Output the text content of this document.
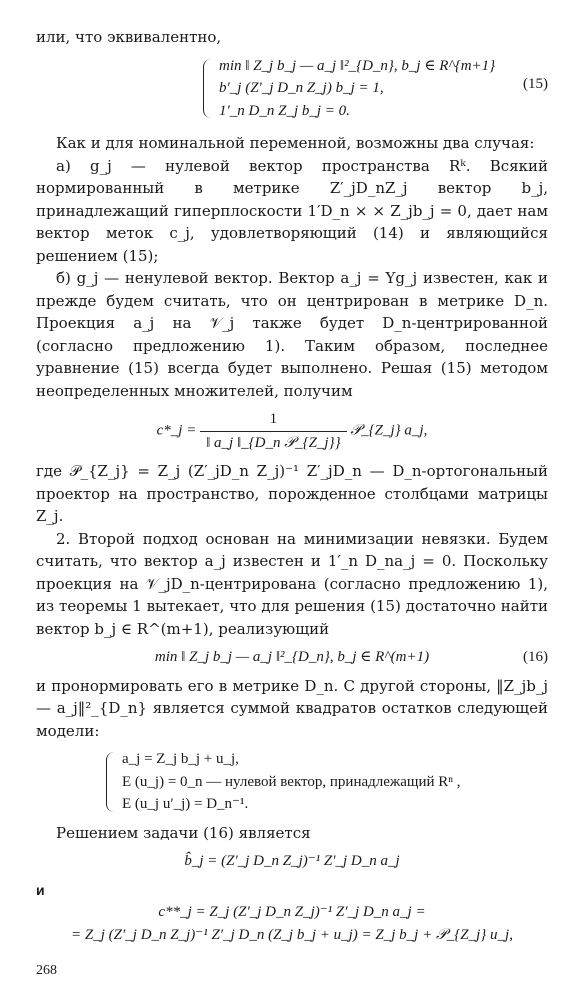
или, что эквивалентно,

min ‖ Z_j b_j — a_j ‖²_{D_n}, b_j ∈ R^{m+1}
b′_j (Z′_j D_n Z_j) b_j = 1,
1′_n D_n Z_j b_j = 0.
(15)

Как и для номинальной переменной, возможны два случая:

а) g_j — нулевой вектор пространства Rᵏ. Всякий нормированный в метрике Z′_jD_nZ_j вектор b_j, принадлежащий гиперплоскости 1′D_n × × Z_jb_j = 0, дает нам вектор меток c_j, удовлетворяющий (14) и являющийся решением (15);

б) g_j — ненулевой вектор. Вектор a_j = Yg_j известен, как и прежде будем считать, что он центрирован в метрике D_n. Проекция a_j на 𝒱_j также будет D_n-центрированной (согласно предложению 1). Таким образом, последнее уравнение (15) всегда будет выполнено. Решая (15) методом неопределенных множителей, получим

c*_j = $\frac{1}{\text{‖ a\_j ‖\_\{D\_n 𝒫\_\{Z\_j\}\}}}$ 𝒫_{Z_j} a_j,

где 𝒫_{Z_j} = Z_j (Z′_jD_n Z_j)⁻¹ Z′_jD_n — D_n-ортогональный проектор на пространство, порожденное столбцами матрицы Z_j.

2. Второй подход основан на минимизации невязки. Будем считать, что вектор a_j известен и 1′_n D_na_j = 0. Поскольку проекция на 𝒱_jD_n-центрирована (согласно предложению 1), из теоремы 1 вытекает, что для решения (15) достаточно найти вектор b_j ∈ R^(m+1), реализующий

min ‖ Z_j b_j — a_j ‖²_{D_n}, b_j ∈ R^(m+1)	(16)

и пронормировать его в метрике D_n. С другой стороны, ‖Z_jb_j — a_j‖²_{D_n} является суммой квадратов остатков следующей модели:

a_j = Z_j b_j + u_j,
E (u_j) = 0_n — нулевой вектор, принадлежащий Rⁿ ,
E (u_j u′_j) = D_n⁻¹.

Решением задачи (16) является

b̂_j = (Z′_j D_n Z_j)⁻¹ Z′_j D_n a_j

и

c**_j = Z_j (Z′_j D_n Z_j)⁻¹ Z′_j D_n a_j =
= Z_j (Z′_j D_n Z_j)⁻¹ Z′_j D_n (Z_j b_j + u_j) = Z_j b_j + 𝒫_{Z_j} u_j,
268
